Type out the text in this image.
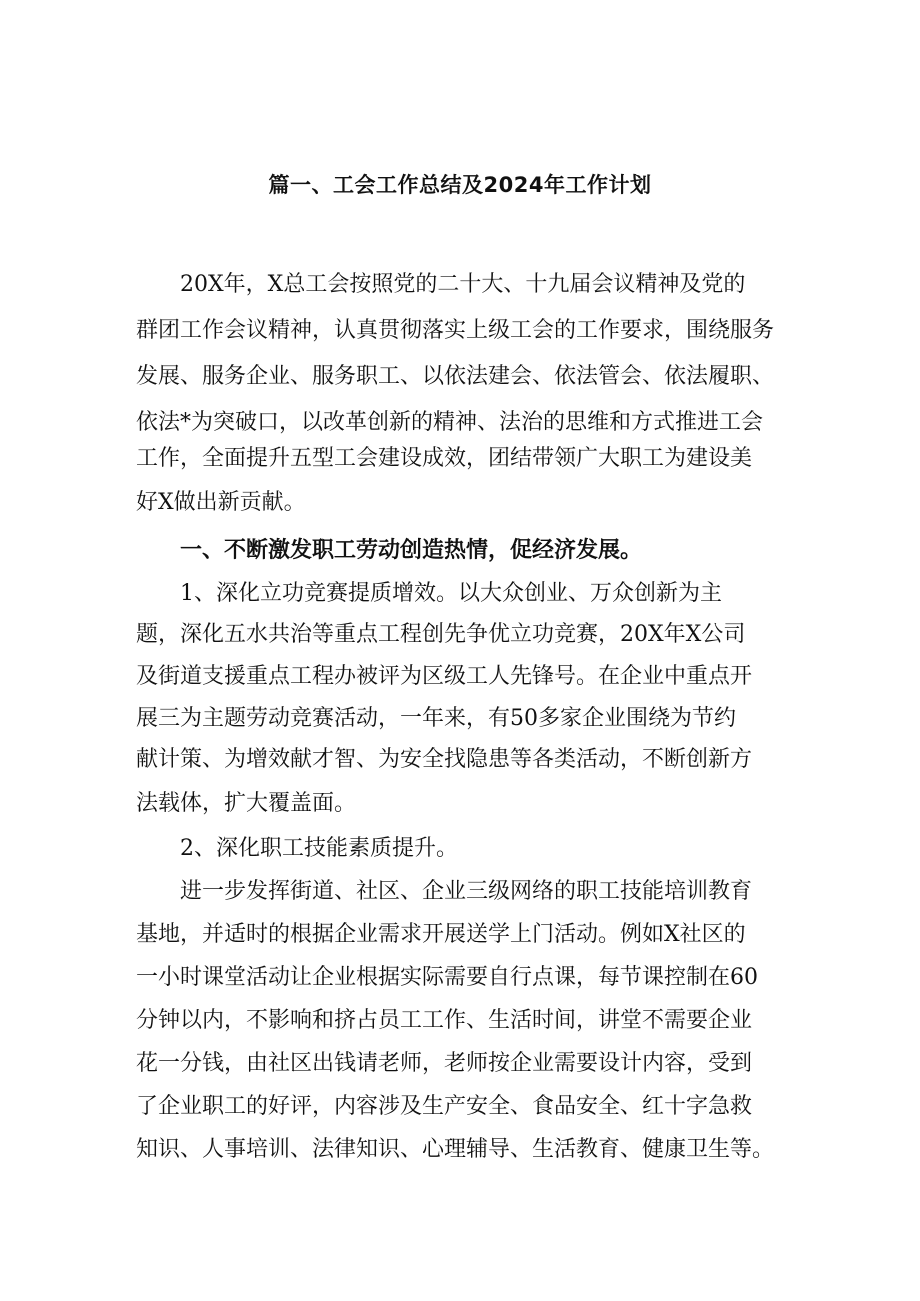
篇一、工会工作总结及2024年工作计划
20X年，X总工会按照党的二十大、十九届会议精神及党的
群团工作会议精神，认真贯彻落实上级工会的工作要求，围绕服务
发展、服务企业、服务职工、以依法建会、依法管会、依法履职、
依法*为突破口，以改革创新的精神、法治的思维和方式推进工会
工作，全面提升五型工会建设成效，团结带领广大职工为建设美
好X做出新贡献。
一、不断激发职工劳动创造热情，促经济发展。
1、深化立功竞赛提质增效。以大众创业、万众创新为主
题，深化五水共治等重点工程创先争优立功竞赛，20X年X公司
及街道支援重点工程办被评为区级工人先锋号。在企业中重点开
展三为主题劳动竞赛活动，一年来，有50多家企业围绕为节约
献计策、为增效献才智、为安全找隐患等各类活动，不断创新方
法载体，扩大覆盖面。
2、深化职工技能素质提升。
进一步发挥街道、社区、企业三级网络的职工技能培训教育
基地，并适时的根据企业需求开展送学上门活动。例如X社区的
一小时课堂活动让企业根据实际需要自行点课，每节课控制在60
分钟以内，不影响和挤占员工工作、生活时间，讲堂不需要企业
花一分钱，由社区出钱请老师，老师按企业需要设计内容，受到
了企业职工的好评，内容涉及生产安全、食品安全、红十字急救
知识、人事培训、法律知识、心理辅导、生活教育、健康卫生等。
